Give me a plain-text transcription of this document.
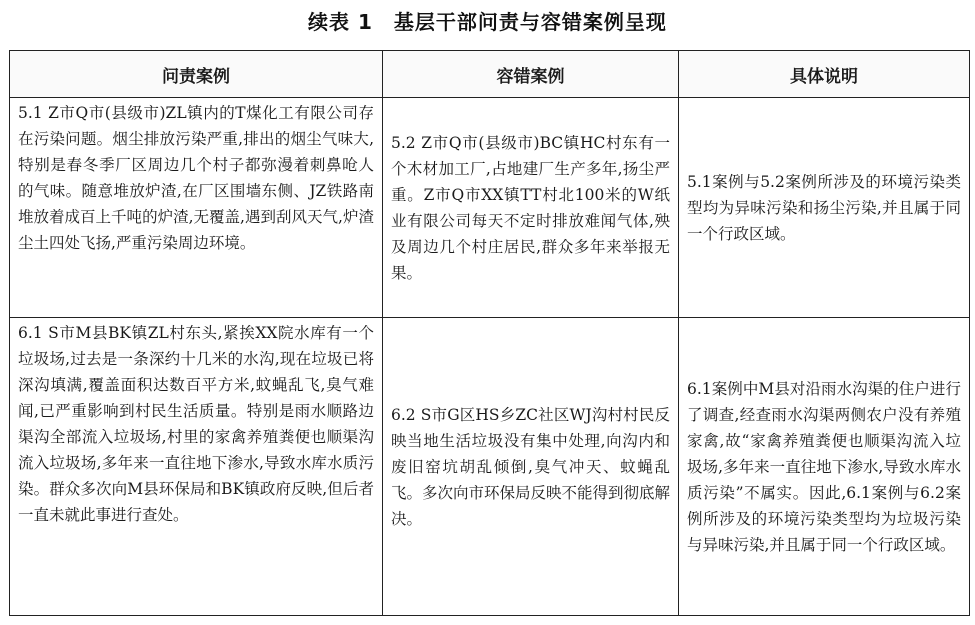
续表 1　基层干部问责与容错案例呈现
问责案例	容错案例	具体说明
5.1 Z市Q市(县级市)ZL镇内的T煤化工有限公司存在污染问题。烟尘排放污染严重,排出的烟尘气味大,特别是春冬季厂区周边几个村子都弥漫着刺鼻呛人的气味。随意堆放炉渣,在厂区围墙东侧、JZ铁路南堆放着成百上千吨的炉渣,无覆盖,遇到刮风天气,炉渣尘土四处飞扬,严重污染周边环境。	5.2 Z市Q市(县级市)BC镇HC村东有一个木材加工厂,占地建厂生产多年,扬尘严重。Z市Q市XX镇TT村北100米的W纸业有限公司每天不定时排放难闻气体,殃及周边几个村庄居民,群众多年来举报无果。	5.1案例与5.2案例所涉及的环境污染类型均为异味污染和扬尘污染,并且属于同一个行政区域。
6.1 S市M县BK镇ZL村东头,紧挨XX院水库有一个垃圾场,过去是一条深约十几米的水沟,现在垃圾已将深沟填满,覆盖面积达数百平方米,蚊蝇乱飞,臭气难闻,已严重影响到村民生活质量。特别是雨水顺路边渠沟全部流入垃圾场,村里的家禽养殖粪便也顺渠沟流入垃圾场,多年来一直往地下渗水,导致水库水质污染。群众多次向M县环保局和BK镇政府反映,但后者一直未就此事进行查处。	6.2 S市G区HS乡ZC社区WJ沟村村民反映当地生活垃圾没有集中处理,向沟内和废旧窑坑胡乱倾倒,臭气冲天、蚊蝇乱飞。多次向市环保局反映不能得到彻底解决。	6.1案例中M县对沿雨水沟渠的住户进行了调查,经查雨水沟渠两侧农户没有养殖家禽,故“家禽养殖粪便也顺渠沟流入垃圾场,多年来一直往地下渗水,导致水库水质污染”不属实。因此,6.1案例与6.2案例所涉及的环境污染类型均为垃圾污染与异味污染,并且属于同一个行政区域。
